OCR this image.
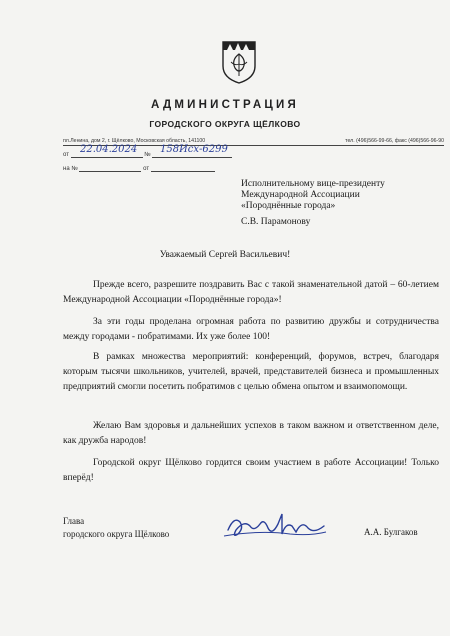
АДМИНИСТРАЦИЯ
ГОРОДСКОГО ОКРУГА ЩЁЛКОВО
пл.Ленина, дом 2, г. Щёлково, Московская область, 141100	тел. (496)566-99-66, факс (496)566-96-90
от	№
22.04.2024 158Исх-6299
на №	от
Исполнительному вице-президенту
Международной Ассоциации
«Породнённые города»
С.В. Парамонову
Уважаемый Сергей Васильевич!

Прежде всего, разрешите поздравить Вас с такой знаменательной датой – 60-летием Международной Ассоциации «Породнённые города»!

За эти годы проделана огромная работа по развитию дружбы и сотрудничества между городами - побратимами. Их уже более 100!

В рамках множества мероприятий: конференций, форумов, встреч, благодаря которым тысячи школьников, учителей, врачей, представителей бизнеса и промышленных предприятий смогли посетить побратимов с целью обмена опытом и взаимопомощи.

Желаю Вам здоровья и дальнейших успехов в таком важном и ответственном деле, как дружба народов!

Городской округ Щёлково гордится своим участием в работе Ассоциации! Только вперёд!

Глава
городского округа Щёлково	А.А. Булгаков
